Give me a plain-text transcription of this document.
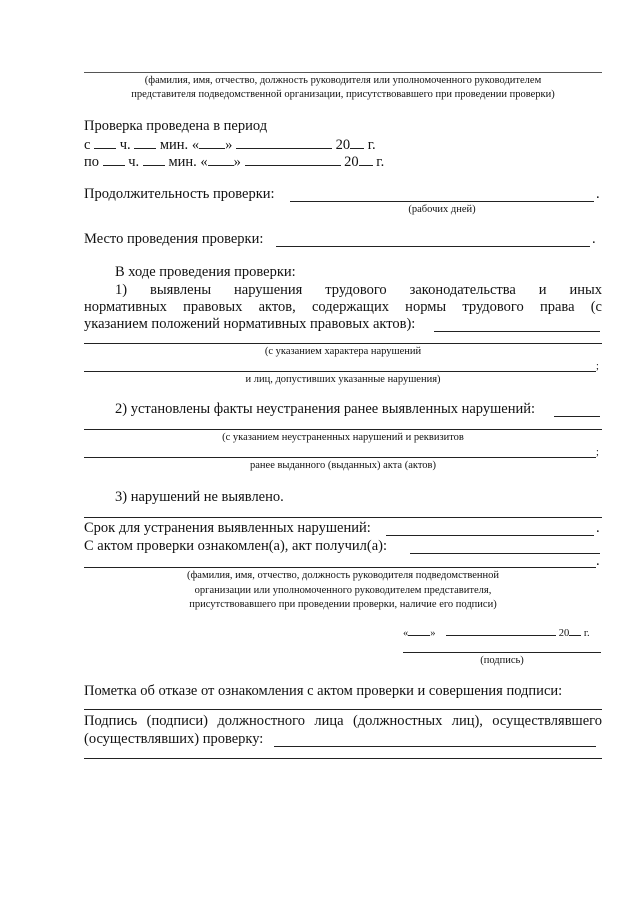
(фамилия, имя, отчество, должность руководителя или уполномоченного руководителем
представителя подведомственной организации, присутствовавшего при проведении проверки)
Проверка проведена в период
с ч. мин. « »	20 г.
по ч. мин. « »	20 г.
Продолжительность проверки:	.
(рабочих дней)
Место проведения проверки:	.
В ходе проведения проверки:
1) выявлены нарушения трудового законодательства и иных
нормативных правовых актов, содержащих нормы трудового права (с
указанием положений нормативных правовых актов):
(с указанием характера нарушений
;
и лиц, допустивших указанные нарушения)
2) установлены факты неустранения ранее выявленных нарушений:
(с указанием неустраненных нарушений и реквизитов
;
ранее выданного (выданных) акта (актов)
3) нарушений не выявлено.
Срок для устранения выявленных нарушений:	.
С актом проверки ознакомлен(а), акт получил(а):
.
(фамилия, имя, отчество, должность руководителя подведомственной
организации или уполномоченного руководителем представителя,
присутствовавшего при проведении проверки, наличие его подписи)
« »	20 г.
(подпись)
Пометка об отказе от ознакомления с актом проверки и совершения подписи:
Подпись (подписи) должностного лица (должностных лиц), осуществлявшего
(осуществлявших) проверку:
